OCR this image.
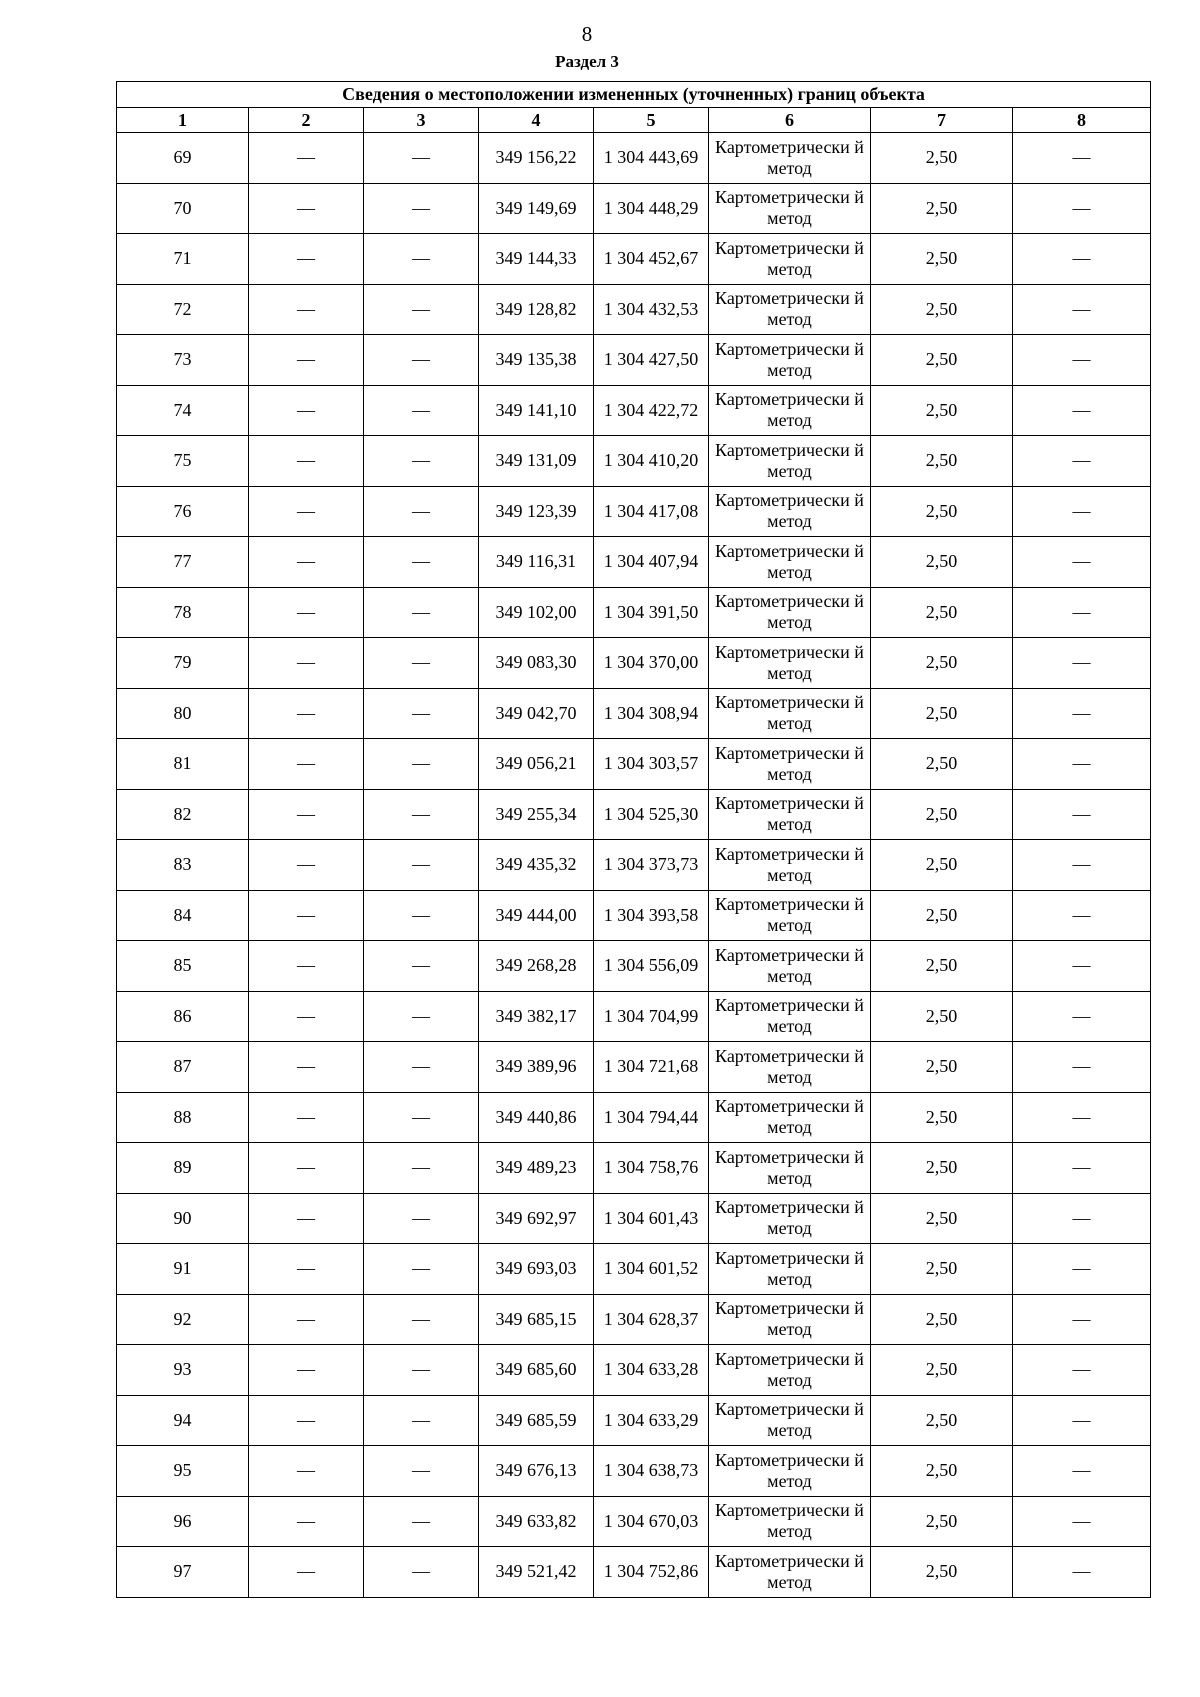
8
Раздел 3
Сведения о местоположении измененных (уточненных) границ объекта							
1	2	3	4	5	6	7	8
69	—	—	349 156,22	1 304 443,69	Картометрически й метод	2,50	—
70	—	—	349 149,69	1 304 448,29	Картометрически й метод	2,50	—
71	—	—	349 144,33	1 304 452,67	Картометрически й метод	2,50	—
72	—	—	349 128,82	1 304 432,53	Картометрически й метод	2,50	—
73	—	—	349 135,38	1 304 427,50	Картометрически й метод	2,50	—
74	—	—	349 141,10	1 304 422,72	Картометрически й метод	2,50	—
75	—	—	349 131,09	1 304 410,20	Картометрически й метод	2,50	—
76	—	—	349 123,39	1 304 417,08	Картометрически й метод	2,50	—
77	—	—	349 116,31	1 304 407,94	Картометрически й метод	2,50	—
78	—	—	349 102,00	1 304 391,50	Картометрически й метод	2,50	—
79	—	—	349 083,30	1 304 370,00	Картометрически й метод	2,50	—
80	—	—	349 042,70	1 304 308,94	Картометрически й метод	2,50	—
81	—	—	349 056,21	1 304 303,57	Картометрически й метод	2,50	—
82	—	—	349 255,34	1 304 525,30	Картометрически й метод	2,50	—
83	—	—	349 435,32	1 304 373,73	Картометрически й метод	2,50	—
84	—	—	349 444,00	1 304 393,58	Картометрически й метод	2,50	—
85	—	—	349 268,28	1 304 556,09	Картометрически й метод	2,50	—
86	—	—	349 382,17	1 304 704,99	Картометрически й метод	2,50	—
87	—	—	349 389,96	1 304 721,68	Картометрически й метод	2,50	—
88	—	—	349 440,86	1 304 794,44	Картометрически й метод	2,50	—
89	—	—	349 489,23	1 304 758,76	Картометрически й метод	2,50	—
90	—	—	349 692,97	1 304 601,43	Картометрически й метод	2,50	—
91	—	—	349 693,03	1 304 601,52	Картометрически й метод	2,50	—
92	—	—	349 685,15	1 304 628,37	Картометрически й метод	2,50	—
93	—	—	349 685,60	1 304 633,28	Картометрически й метод	2,50	—
94	—	—	349 685,59	1 304 633,29	Картометрически й метод	2,50	—
95	—	—	349 676,13	1 304 638,73	Картометрически й метод	2,50	—
96	—	—	349 633,82	1 304 670,03	Картометрически й метод	2,50	—
97	—	—	349 521,42	1 304 752,86	Картометрически й метод	2,50	—
